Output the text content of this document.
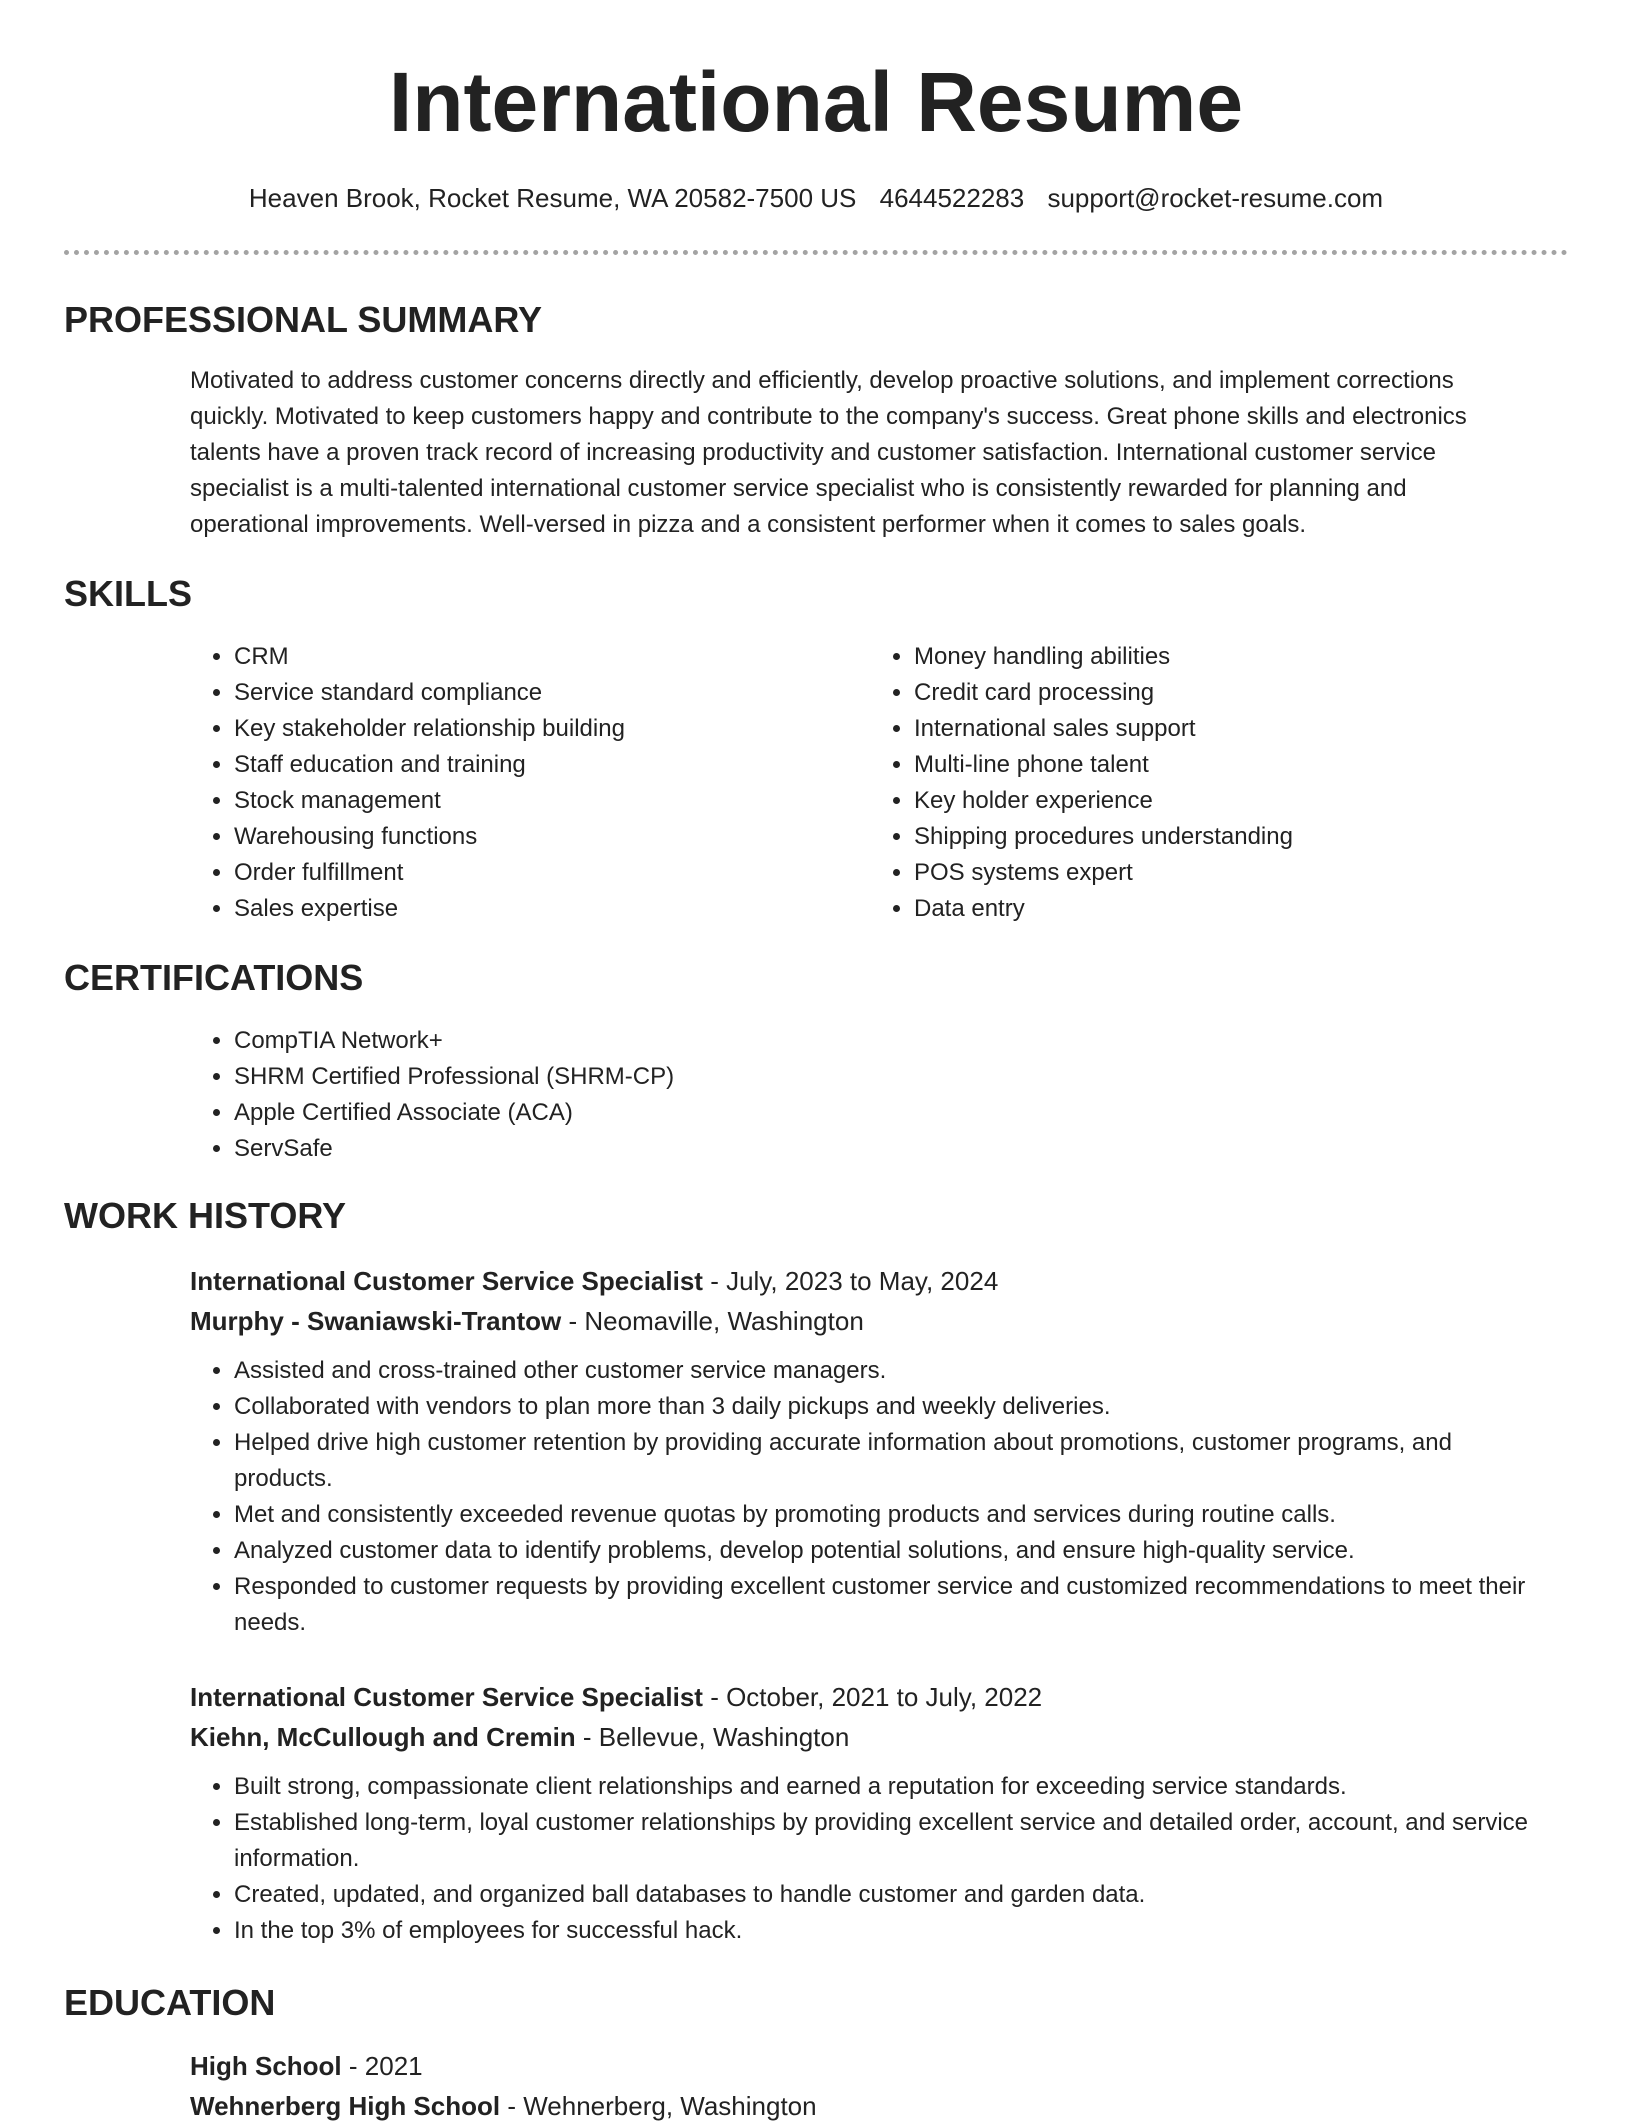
International Resume
Heaven Brook, Rocket Resume, WA 20582-7500 US 4644522283 support@rocket-resume.com
PROFESSIONAL SUMMARY

Motivated to address customer concerns directly and efficiently, develop proactive solutions, and implement corrections quickly. Motivated to keep customers happy and contribute to the company's success. Great phone skills and electronics talents have a proven track record of increasing productivity and customer satisfaction. International customer service specialist is a multi-talented international customer service specialist who is consistently rewarded for planning and operational improvements. Well-versed in pizza and a consistent performer when it comes to sales goals.

SKILLS
• CRM
• Service standard compliance
• Key stakeholder relationship building
• Staff education and training
• Stock management
• Warehousing functions
• Order fulfillment
• Sales expertise
• Money handling abilities
• Credit card processing
• International sales support
• Multi-line phone talent
• Key holder experience
• Shipping procedures understanding
• POS systems expert
• Data entry
CERTIFICATIONS
• CompTIA Network+
• SHRM Certified Professional (SHRM-CP)
• Apple Certified Associate (ACA)
• ServSafe
WORK HISTORY
International Customer Service Specialist - July, 2023 to May, 2024
Murphy - Swaniawski-Trantow - Neomaville, Washington
• Assisted and cross-trained other customer service managers.
• Collaborated with vendors to plan more than 3 daily pickups and weekly deliveries.
• Helped drive high customer retention by providing accurate information about promotions, customer programs, and products.
• Met and consistently exceeded revenue quotas by promoting products and services during routine calls.
• Analyzed customer data to identify problems, develop potential solutions, and ensure high-quality service.
• Responded to customer requests by providing excellent customer service and customized recommendations to meet their needs.
International Customer Service Specialist - October, 2021 to July, 2022
Kiehn, McCullough and Cremin - Bellevue, Washington
• Built strong, compassionate client relationships and earned a reputation for exceeding service standards.
• Established long-term, loyal customer relationships by providing excellent service and detailed order, account, and service information.
• Created, updated, and organized ball databases to handle customer and garden data.
• In the top 3% of employees for successful hack.
EDUCATION
High School - 2021
Wehnerberg High School - Wehnerberg, Washington
